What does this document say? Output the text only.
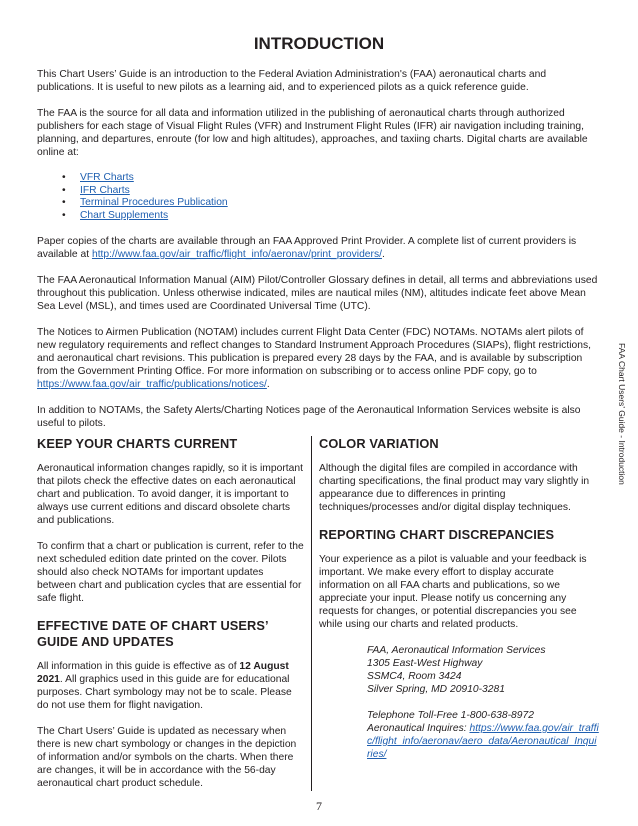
INTRODUCTION

This Chart Users’ Guide is an introduction to the Federal Aviation Administration's (FAA) aeronautical charts and publications. It is useful to new pilots as a learning aid, and to experienced pilots as a quick reference guide.

The FAA is the source for all data and information utilized in the publishing of aeronautical charts through authorized publishers for each stage of Visual Flight Rules (VFR) and Instrument Flight Rules (IFR) air navigation including training, planning, and departures, enroute (for low and high altitudes), approaches, and taxiing charts. Digital charts are available online at:

• VFR Charts
• IFR Charts
• Terminal Procedures Publication
• Chart Supplements

Paper copies of the charts are available through an FAA Approved Print Provider. A complete list of current providers is available at http://www.faa.gov/air_traffic/flight_info/aeronav/print_providers/.

The FAA Aeronautical Information Manual (AIM) Pilot/Controller Glossary defines in detail, all terms and abbreviations used throughout this publication. Unless otherwise indicated, miles are nautical miles (NM), altitudes indicate feet above Mean Sea Level (MSL), and times used are Coordinated Universal Time (UTC).

The Notices to Airmen Publication (NOTAM) includes current Flight Data Center (FDC) NOTAMs. NOTAMs alert pilots of new regulatory requirements and reflect changes to Standard Instrument Approach Procedures (SIAPs), flight restrictions, and aeronautical chart revisions. This publication is prepared every 28 days by the FAA, and is available by subscription from the Government Printing Office. For more information on subscribing or to access online PDF copy, go to https://www.faa.gov/air_traffic/publications/notices/.

In addition to NOTAMs, the Safety Alerts/Charting Notices page of the Aeronautical Information Services website is also useful to pilots.

KEEP YOUR CHARTS CURRENT

Aeronautical information changes rapidly, so it is important that pilots check the effective dates on each aeronautical chart and publication. To avoid danger, it is important to always use current editions and discard obsolete charts and publications.

To confirm that a chart or publication is current, refer to the next scheduled edition date printed on the cover. Pilots should also check NOTAMs for important updates between chart and publication cycles that are essential for safe flight.

EFFECTIVE DATE OF CHART USERS’ GUIDE AND UPDATES

All information in this guide is effective as of 12 August 2021. All graphics used in this guide are for educational purposes. Chart symbology may not be to scale. Please do not use them for flight navigation.

The Chart Users’ Guide is updated as necessary when there is new chart symbology or changes in the depiction of information and/or symbols on the charts. When there are changes, it will be in accordance with the 56-day aeronautical chart product schedule.

COLOR VARIATION

Although the digital files are compiled in accordance with charting specifications, the final product may vary slightly in appearance due to differences in printing techniques/processes and/or digital display techniques.

REPORTING CHART DISCREPANCIES

Your experience as a pilot is valuable and your feedback is important. We make every effort to display accurate information on all FAA charts and publications, so we appreciate your input. Please notify us concerning any requests for changes, or potential discrepancies you see while using our charts and related products.

FAA, Aeronautical Information Services
1305 East-West Highway
SSMC4, Room 3424
Silver Spring, MD 20910-3281
Telephone Toll-Free 1-800-638-8972
Aeronautical Inquires: https://www.faa.gov/air_traffic/flight_info/aeronav/aero_data/Aeronautical_Inquiries/
FAA Chart Users’ Guide - Introduction
7
